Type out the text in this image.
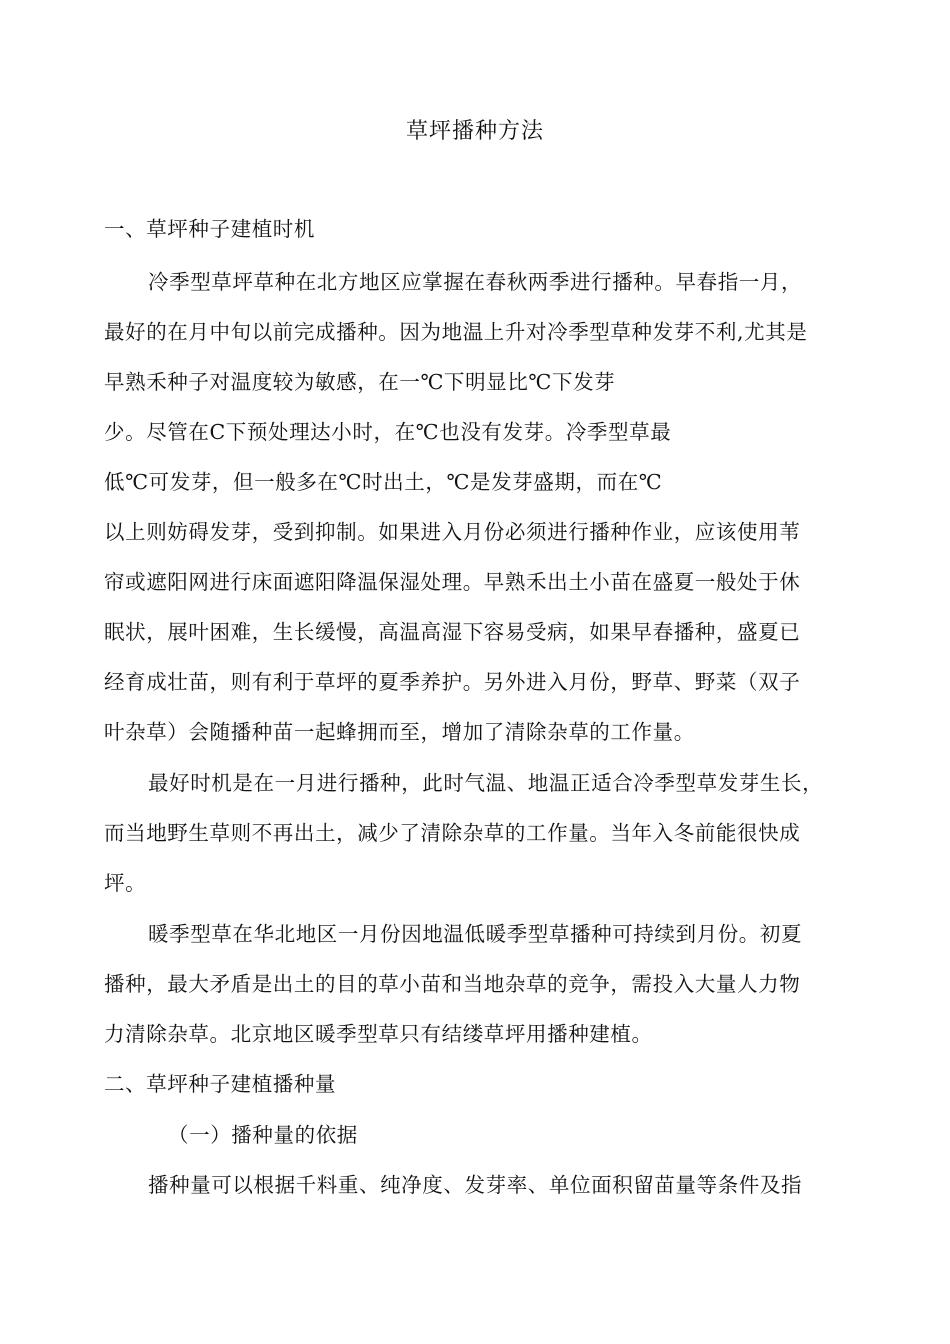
草坪播种方法
一、草坪种子建植时机
冷季型草坪草种在北方地区应掌握在春秋两季进行播种。早春指一月，
最好的在月中旬以前完成播种。因为地温上升对冷季型草种发芽不利,尤其是
早熟禾种子对温度较为敏感，在一℃下明显比℃下发芽
少。尽管在C下预处理达小时，在℃也没有发芽。冷季型草最
低℃可发芽，但一般多在℃时出土，℃是发芽盛期，而在℃
以上则妨碍发芽，受到抑制。如果进入月份必须进行播种作业，应该使用苇
帘或遮阳网进行床面遮阳降温保湿处理。早熟禾出土小苗在盛夏一般处于休
眠状，展叶困难，生长缓慢，高温高湿下容易受病，如果早春播种，盛夏已
经育成壮苗，则有利于草坪的夏季养护。另外进入月份，野草、野菜（双子
叶杂草）会随播种苗一起蜂拥而至，增加了清除杂草的工作量。
最好时机是在一月进行播种，此时气温、地温正适合冷季型草发芽生长，
而当地野生草则不再出土，减少了清除杂草的工作量。当年入冬前能很快成
坪。
暖季型草在华北地区一月份因地温低暖季型草播种可持续到月份。初夏
播种，最大矛盾是出土的目的草小苗和当地杂草的竞争，需投入大量人力物
力清除杂草。北京地区暖季型草只有结缕草坪用播种建植。
二、草坪种子建植播种量
（一）播种量的依据
播种量可以根据千料重、纯净度、发芽率、单位面积留苗量等条件及指
